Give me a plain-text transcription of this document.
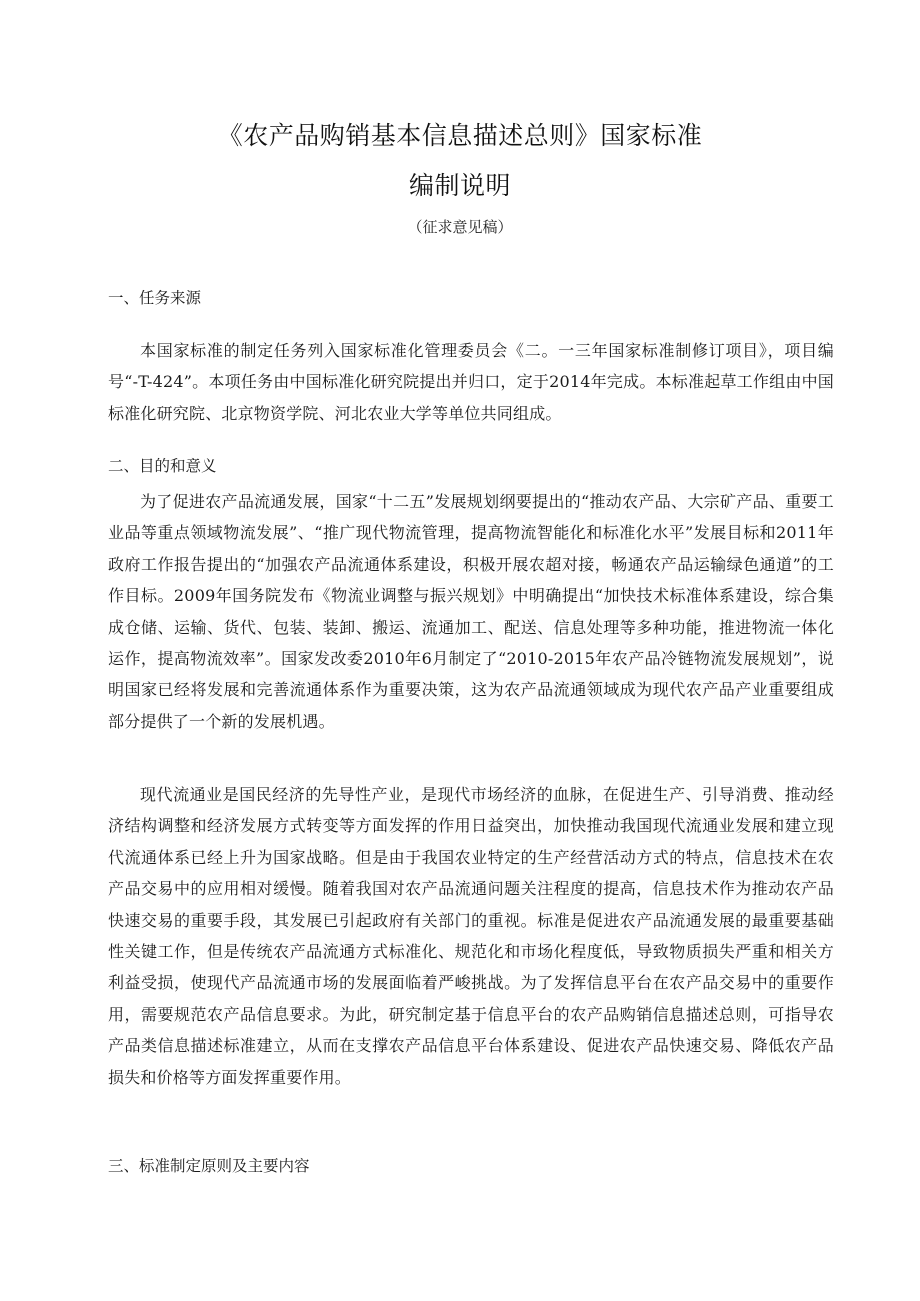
《农产品购销基本信息描述总则》国家标准
编制说明
（征求意见稿）
一、任务来源

本国家标准的制定任务列入国家标准化管理委员会《二。一三年国家标准制修订项目》，项目编号“-T-424”。本项任务由中国标准化研究院提出并归口，定于2014年完成。本标准起草工作组由中国标准化研究院、北京物资学院、河北农业大学等单位共同组成。

二、目的和意义

为了促进农产品流通发展，国家“十二五”发展规划纲要提出的“推动农产品、大宗矿产品、重要工业品等重点领域物流发展”、“推广现代物流管理，提高物流智能化和标准化水平”发展目标和2011年政府工作报告提出的“加强农产品流通体系建设，积极开展农超对接，畅通农产品运输绿色通道”的工作目标。2009年国务院发布《物流业调整与振兴规划》中明确提出“加快技术标准体系建设，综合集成仓储、运输、货代、包装、装卸、搬运、流通加工、配送、信息处理等多种功能，推进物流一体化运作，提高物流效率”。国家发改委2010年6月制定了“2010-2015年农产品冷链物流发展规划”，说明国家已经将发展和完善流通体系作为重要决策，这为农产品流通领域成为现代农产品产业重要组成部分提供了一个新的发展机遇。

现代流通业是国民经济的先导性产业，是现代市场经济的血脉，在促进生产、引导消费、推动经济结构调整和经济发展方式转变等方面发挥的作用日益突出，加快推动我国现代流通业发展和建立现代流通体系已经上升为国家战略。但是由于我国农业特定的生产经营活动方式的特点，信息技术在农产品交易中的应用相对缓慢。随着我国对农产品流通问题关注程度的提高，信息技术作为推动农产品快速交易的重要手段，其发展已引起政府有关部门的重视。标准是促进农产品流通发展的最重要基础性关键工作，但是传统农产品流通方式标准化、规范化和市场化程度低，导致物质损失严重和相关方利益受损，使现代产品流通市场的发展面临着严峻挑战。为了发挥信息平台在农产品交易中的重要作用，需要规范农产品信息要求。为此，研究制定基于信息平台的农产品购销信息描述总则，可指导农产品类信息描述标准建立，从而在支撑农产品信息平台体系建设、促进农产品快速交易、降低农产品损失和价格等方面发挥重要作用。

三、标准制定原则及主要内容
